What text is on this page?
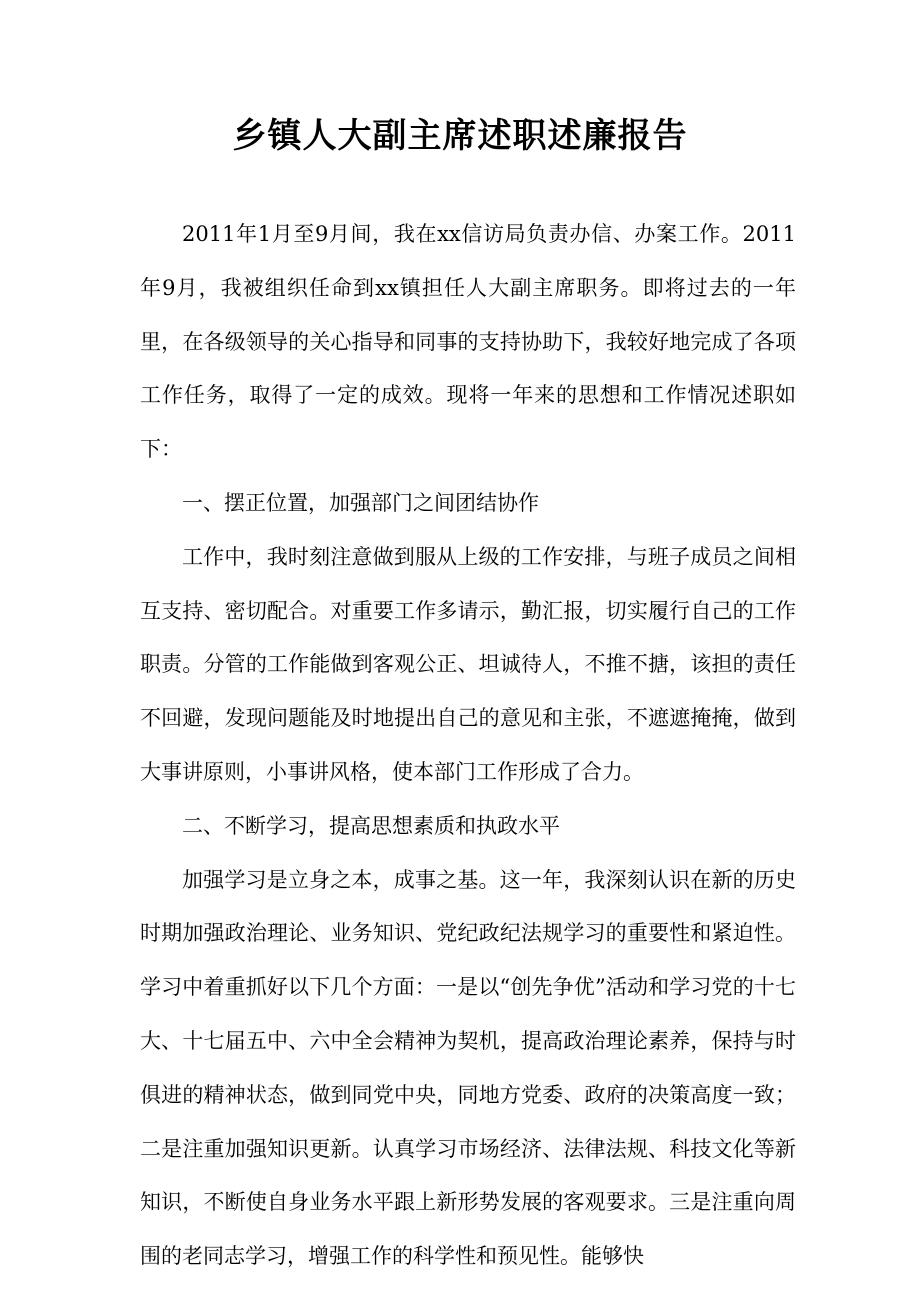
乡镇人大副主席述职述廉报告

2011年1月至9月间，我在xx信访局负责办信、办案工作。2011年9月，我被组织任命到xx镇担任人大副主席职务。即将过去的一年里，在各级领导的关心指导和同事的支持协助下，我较好地完成了各项工作任务，取得了一定的成效。现将一年来的思想和工作情况述职如下：

一、摆正位置，加强部门之间团结协作

工作中，我时刻注意做到服从上级的工作安排，与班子成员之间相互支持、密切配合。对重要工作多请示，勤汇报，切实履行自己的工作职责。分管的工作能做到客观公正、坦诚待人，不推不搪，该担的责任不回避，发现问题能及时地提出自己的意见和主张，不遮遮掩掩，做到大事讲原则，小事讲风格，使本部门工作形成了合力。

二、不断学习，提高思想素质和执政水平

加强学习是立身之本，成事之基。这一年，我深刻认识在新的历史时期加强政治理论、业务知识、党纪政纪法规学习的重要性和紧迫性。学习中着重抓好以下几个方面：一是以“创先争优”活动和学习党的十七大、十七届五中、六中全会精神为契机，提高政治理论素养，保持与时俱进的精神状态，做到同党中央，同地方党委、政府的决策高度一致；二是注重加强知识更新。认真学习市场经济、法律法规、科技文化等新知识，不断使自身业务水平跟上新形势发展的客观要求。三是注重向周围的老同志学习，增强工作的科学性和预见性。能够快
